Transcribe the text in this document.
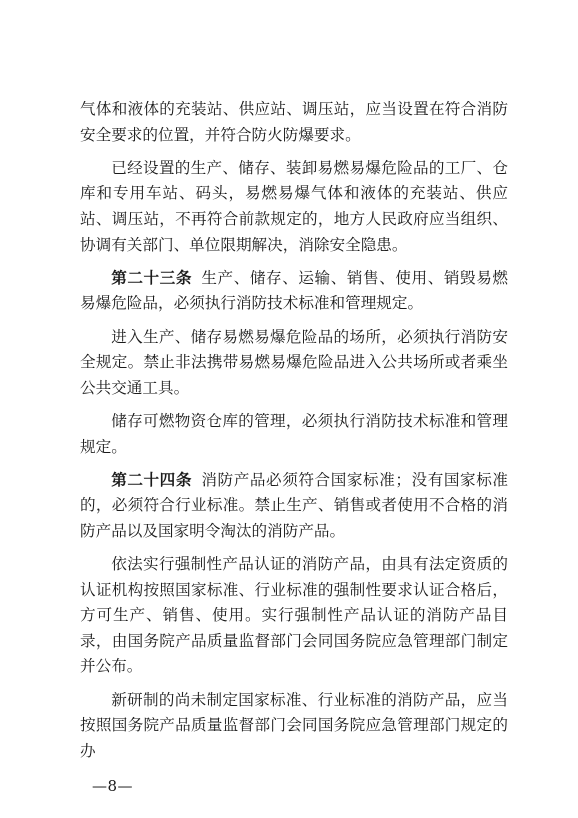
气体和液体的充装站、供应站、调压站，应当设置在符合消防安全要求的位置，并符合防火防爆要求。

已经设置的生产、储存、装卸易燃易爆危险品的工厂、仓库和专用车站、码头，易燃易爆气体和液体的充装站、供应站、调压站，不再符合前款规定的，地方人民政府应当组织、协调有关部门、单位限期解决，消除安全隐患。

第二十三条 生产、储存、运输、销售、使用、销毁易燃易爆危险品，必须执行消防技术标准和管理规定。

进入生产、储存易燃易爆危险品的场所，必须执行消防安全规定。禁止非法携带易燃易爆危险品进入公共场所或者乘坐公共交通工具。

储存可燃物资仓库的管理，必须执行消防技术标准和管理规定。

第二十四条 消防产品必须符合国家标准；没有国家标准的，必须符合行业标准。禁止生产、销售或者使用不合格的消防产品以及国家明令淘汰的消防产品。

依法实行强制性产品认证的消防产品，由具有法定资质的认证机构按照国家标准、行业标准的强制性要求认证合格后，方可生产、销售、使用。实行强制性产品认证的消防产品目录，由国务院产品质量监督部门会同国务院应急管理部门制定并公布。

新研制的尚未制定国家标准、行业标准的消防产品，应当按照国务院产品质量监督部门会同国务院应急管理部门规定的办

—8—
